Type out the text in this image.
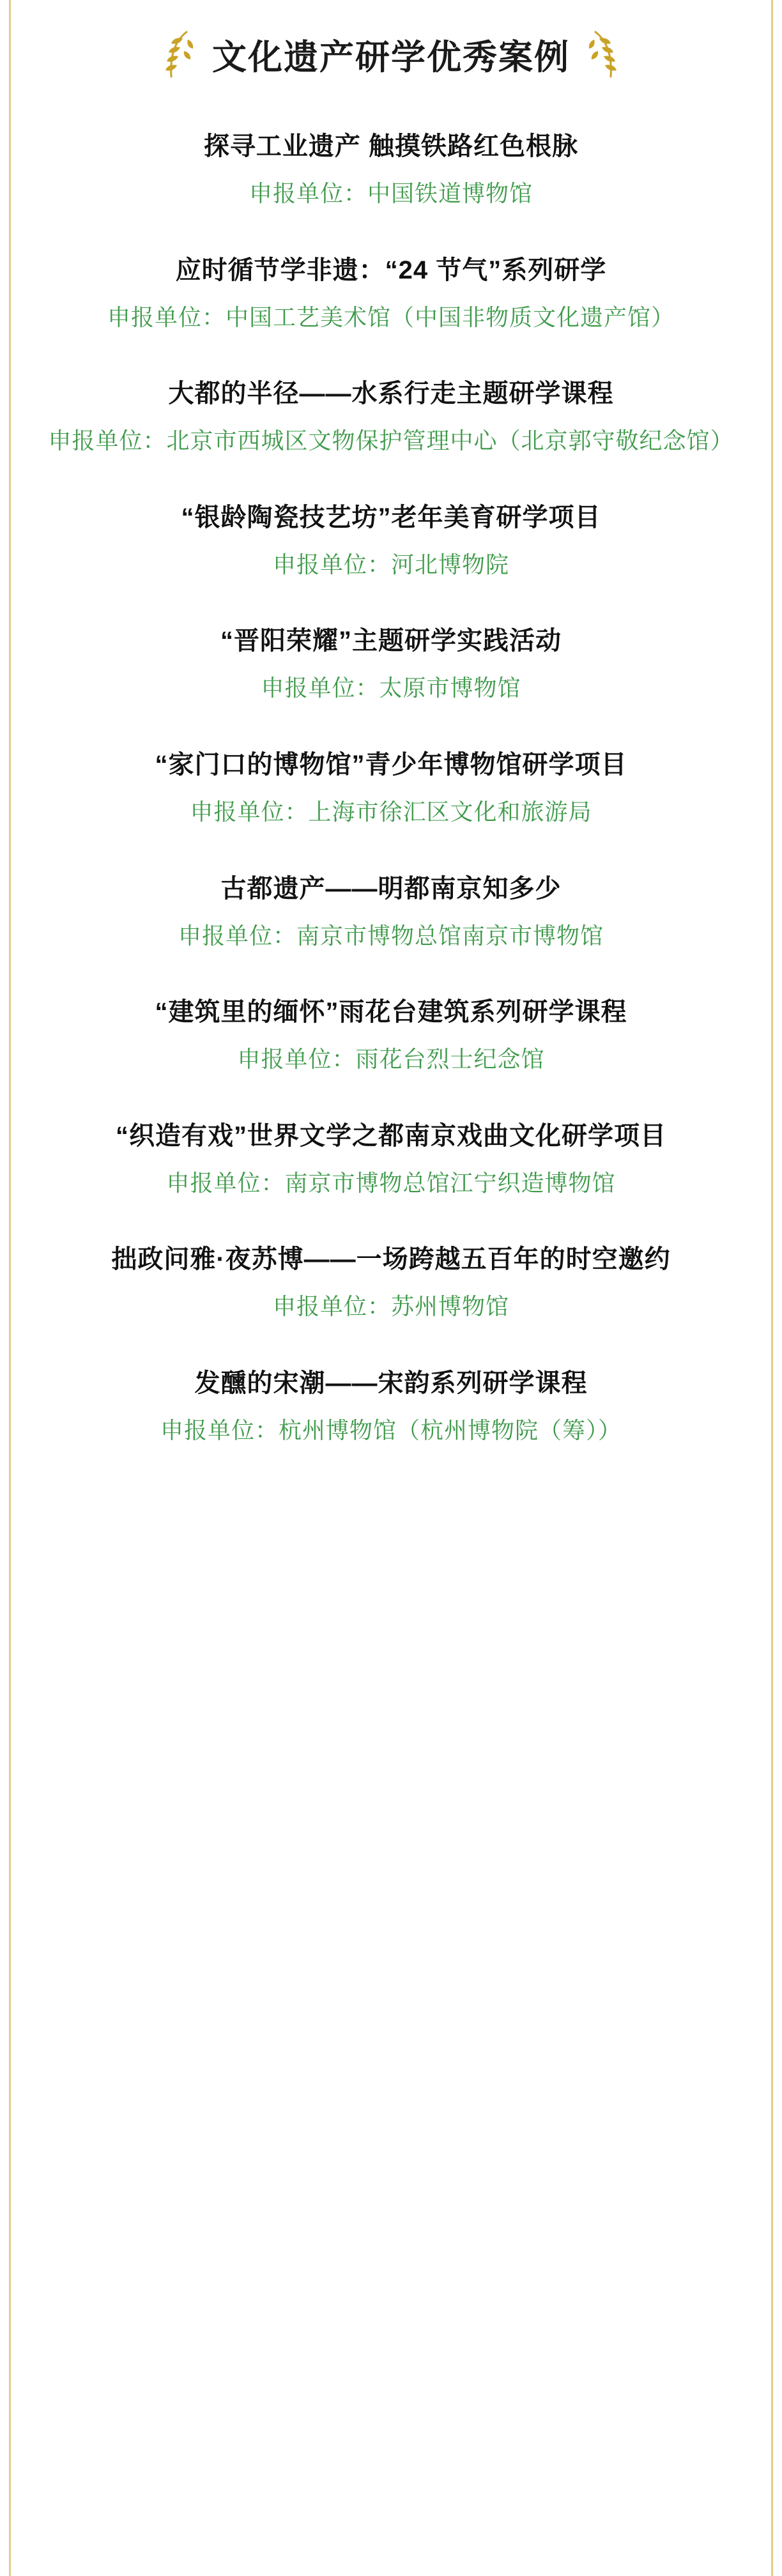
文化遗产研学优秀案例
探寻工业遗产 触摸铁路红色根脉
申报单位：中国铁道博物馆
应时循节学非遗：“24 节气”系列研学
申报单位：中国工艺美术馆（中国非物质文化遗产馆）
大都的半径——水系行走主题研学课程
申报单位：北京市西城区文物保护管理中心（北京郭守敬纪念馆）
“银龄陶瓷技艺坊”老年美育研学项目
申报单位：河北博物院
“晋阳荣耀”主题研学实践活动
申报单位：太原市博物馆
“家门口的博物馆”青少年博物馆研学项目
申报单位：上海市徐汇区文化和旅游局
古都遗产——明都南京知多少
申报单位：南京市博物总馆南京市博物馆
“建筑里的缅怀”雨花台建筑系列研学课程
申报单位：雨花台烈士纪念馆
“织造有戏”世界文学之都南京戏曲文化研学项目
申报单位：南京市博物总馆江宁织造博物馆
拙政问雅·夜苏博——一场跨越五百年的时空邀约
申报单位：苏州博物馆
发醺的宋潮——宋韵系列研学课程
申报单位：杭州博物馆（杭州博物院（筹））
